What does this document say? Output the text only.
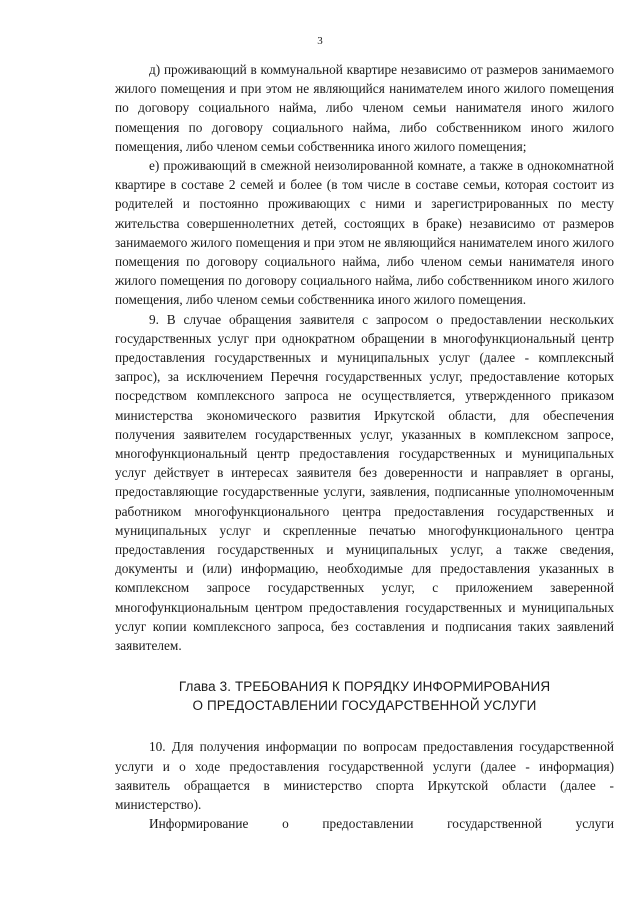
3

д) проживающий в коммунальной квартире независимо от размеров занимаемого жилого помещения и при этом не являющийся нанимателем иного жилого помещения по договору социального найма, либо членом семьи нанимателя иного жилого помещения по договору социального найма, либо собственником иного жилого помещения, либо членом семьи собственника иного жилого помещения;

е) проживающий в смежной неизолированной комнате, а также в однокомнатной квартире в составе 2 семей и более (в том числе в составе семьи, которая состоит из родителей и постоянно проживающих с ними и зарегистрированных по месту жительства совершеннолетних детей, состоящих в браке) независимо от размеров занимаемого жилого помещения и при этом не являющийся нанимателем иного жилого помещения по договору социального найма, либо членом семьи нанимателя иного жилого помещения по договору социального найма, либо собственником иного жилого помещения, либо членом семьи собственника иного жилого помещения.

9. В случае обращения заявителя с запросом о предоставлении нескольких государственных услуг при однократном обращении в многофункциональный центр предоставления государственных и муниципальных услуг (далее - комплексный запрос), за исключением Перечня государственных услуг, предоставление которых посредством комплексного запроса не осуществляется, утвержденного приказом министерства экономического развития Иркутской области, для обеспечения получения заявителем государственных услуг, указанных в комплексном запросе, многофункциональный центр предоставления государственных и муниципальных услуг действует в интересах заявителя без доверенности и направляет в органы, предоставляющие государственные услуги, заявления, подписанные уполномоченным работником многофункционального центра предоставления государственных и муниципальных услуг и скрепленные печатью многофункционального центра предоставления государственных и муниципальных услуг, а также сведения, документы и (или) информацию, необходимые для предоставления указанных в комплексном запросе государственных услуг, с приложением заверенной многофункциональным центром предоставления государственных и муниципальных услуг копии комплексного запроса, без составления и подписания таких заявлений заявителем.

Глава 3. ТРЕБОВАНИЯ К ПОРЯДКУ ИНФОРМИРОВАНИЯ
О ПРЕДОСТАВЛЕНИИ ГОСУДАРСТВЕННОЙ УСЛУГИ

10. Для получения информации по вопросам предоставления государственной услуги и о ходе предоставления государственной услуги (далее - информация) заявитель обращается в министерство спорта Иркутской области (далее - министерство).

Информирование о предоставлении государственной услуги
